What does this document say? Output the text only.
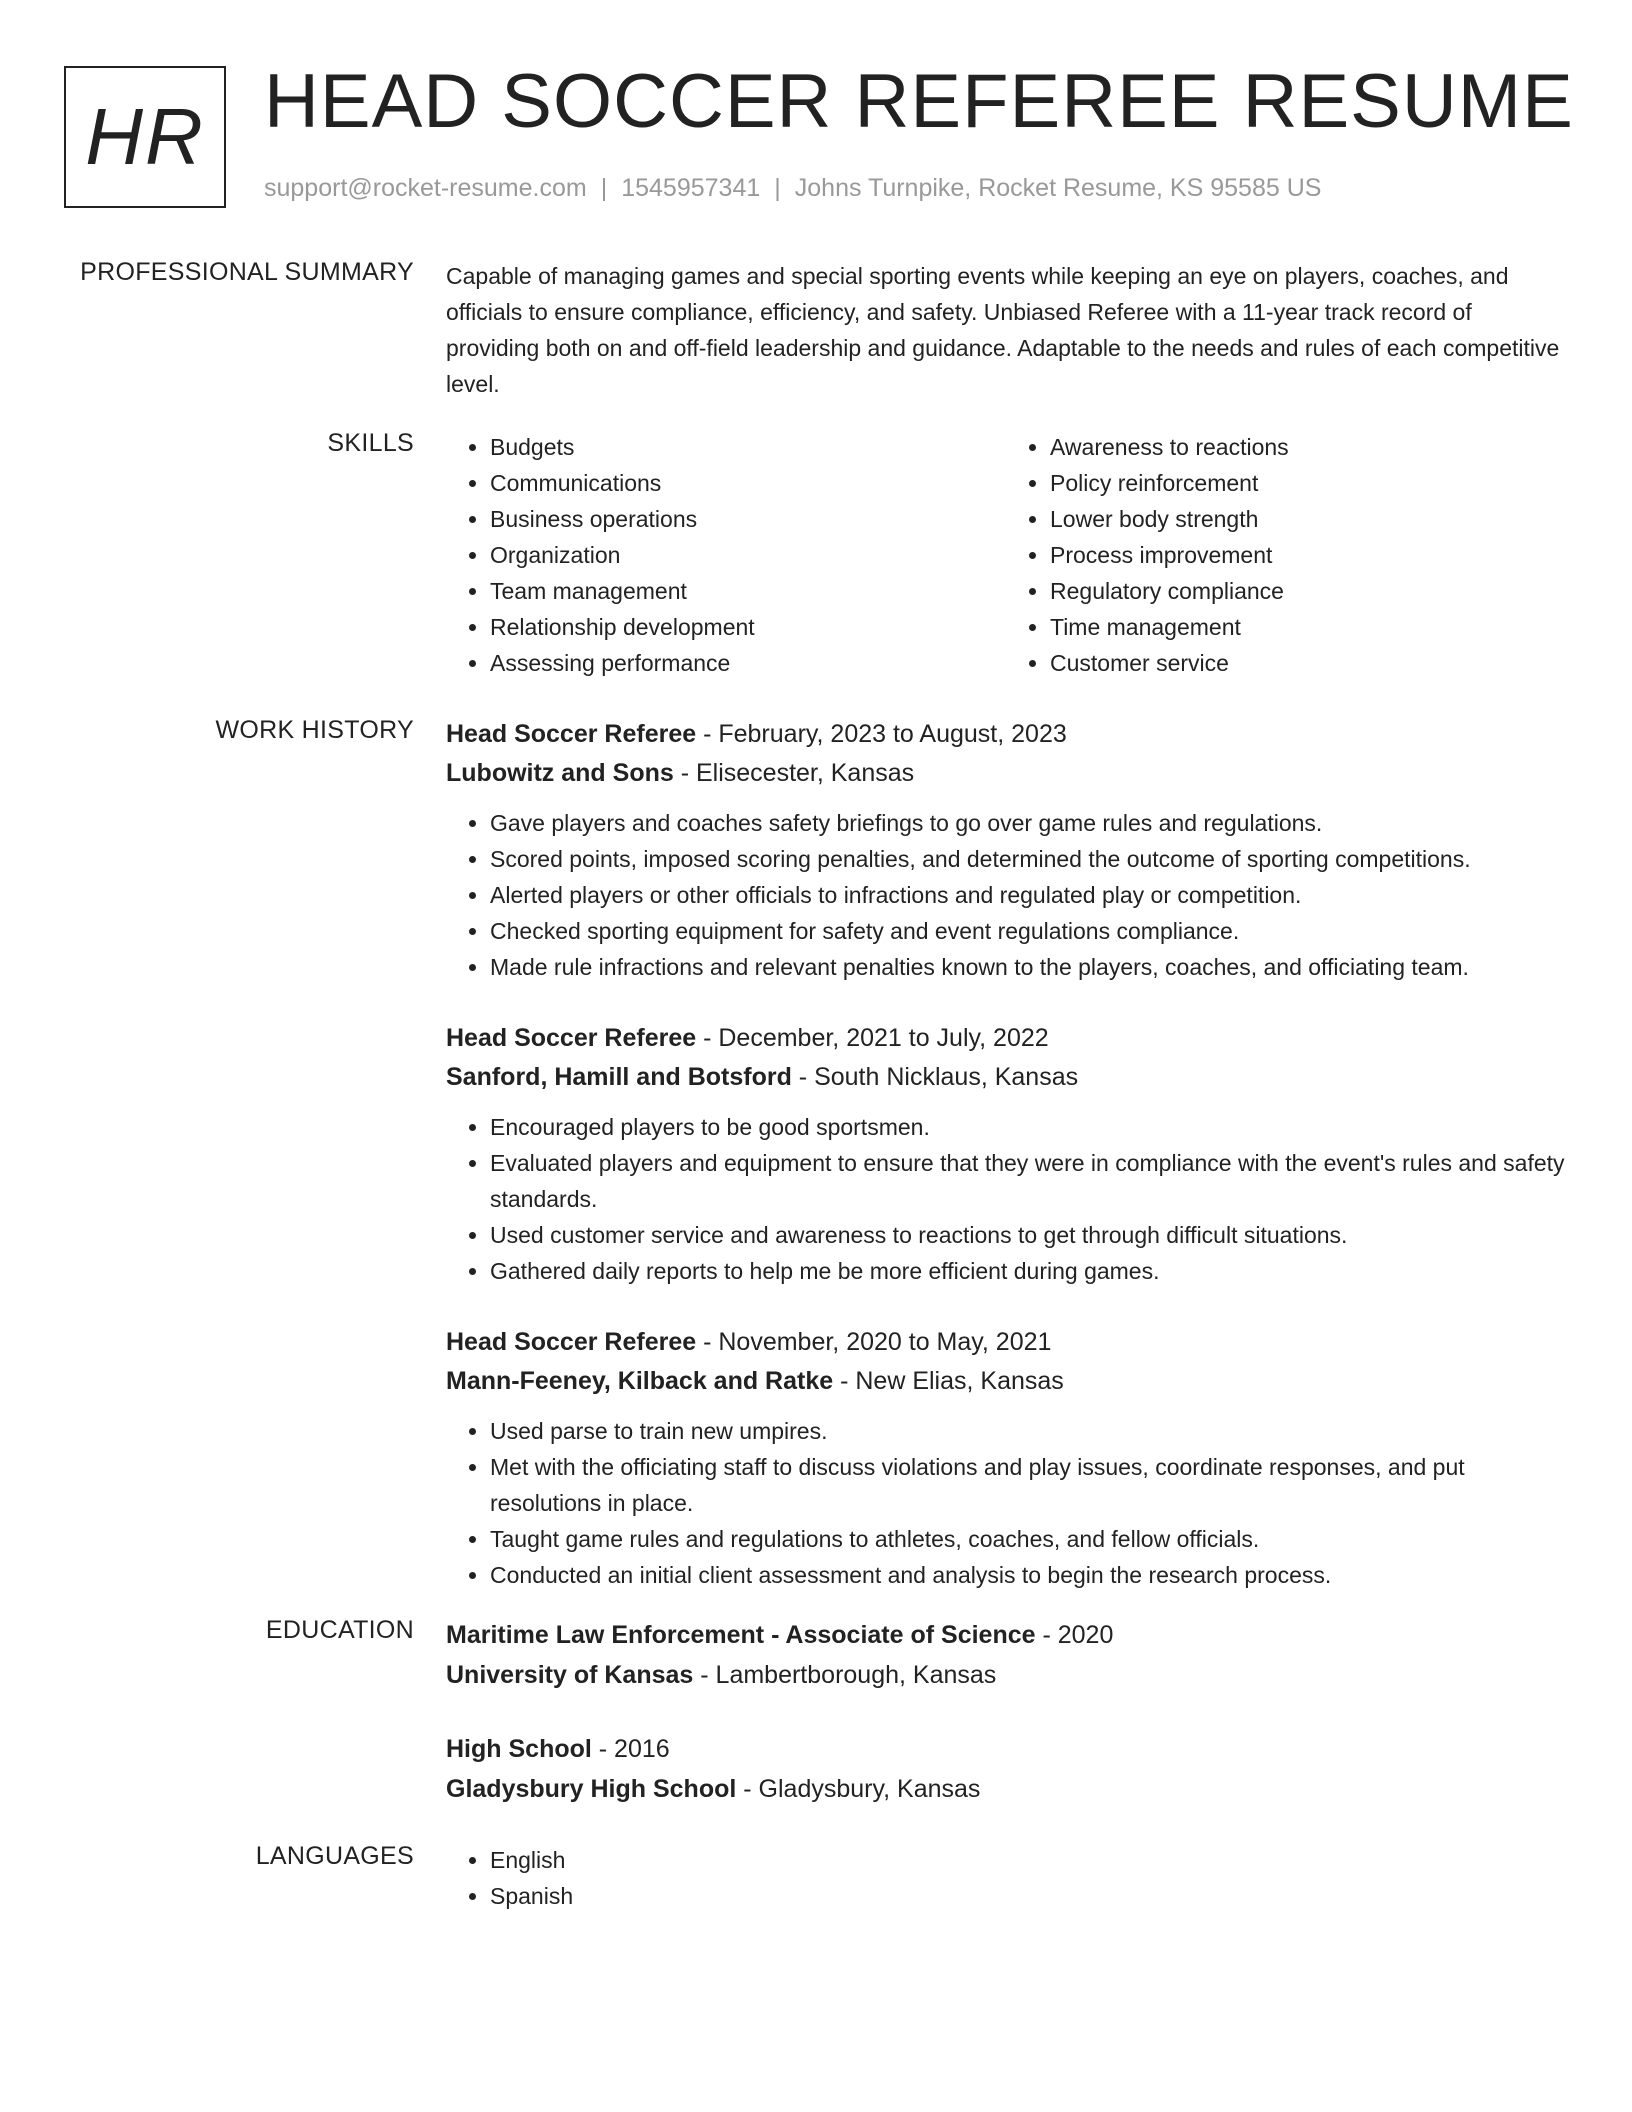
HR HEAD SOCCER REFEREE RESUME
support@rocket-resume.com | 1545957341 | Johns Turnpike, Rocket Resume, KS 95585 US
PROFESSIONAL SUMMARY Capable of managing games and special sporting events while keeping an eye on players, coaches, and officials to ensure compliance, efficiency, and safety. Unbiased Referee with a 11-year track record of providing both on and off-field leadership and guidance. Adaptable to the needs and rules of each competitive level.

SKILLS	• Budgets
• Communications
• Business operations
• Organization
• Team management
• Relationship development
• Assessing performance
• Awareness to reactions
• Policy reinforcement
• Lower body strength
• Process improvement
• Regulatory compliance
• Time management
• Customer service
WORK HISTORY Head Soccer Referee - February, 2023 to August, 2023
Lubowitz and Sons - Elisecester, Kansas
• Gave players and coaches safety briefings to go over game rules and regulations.
• Scored points, imposed scoring penalties, and determined the outcome of sporting competitions.
• Alerted players or other officials to infractions and regulated play or competition.
• Checked sporting equipment for safety and event regulations compliance.
• Made rule infractions and relevant penalties known to the players, coaches, and officiating team.
Head Soccer Referee - December, 2021 to July, 2022
Sanford, Hamill and Botsford - South Nicklaus, Kansas
• Encouraged players to be good sportsmen.
• Evaluated players and equipment to ensure that they were in compliance with the event's rules and safety standards.
• Used customer service and awareness to reactions to get through difficult situations.
• Gathered daily reports to help me be more efficient during games.
Head Soccer Referee - November, 2020 to May, 2021
Mann-Feeney, Kilback and Ratke - New Elias, Kansas
• Used parse to train new umpires.
• Met with the officiating staff to discuss violations and play issues, coordinate responses, and put resolutions in place.
• Taught game rules and regulations to athletes, coaches, and fellow officials.
• Conducted an initial client assessment and analysis to begin the research process.
EDUCATION Maritime Law Enforcement - Associate of Science - 2020
University of Kansas - Lambertborough, Kansas
High School - 2016
Gladysbury High School - Gladysbury, Kansas
LANGUAGES	• English
• Spanish
